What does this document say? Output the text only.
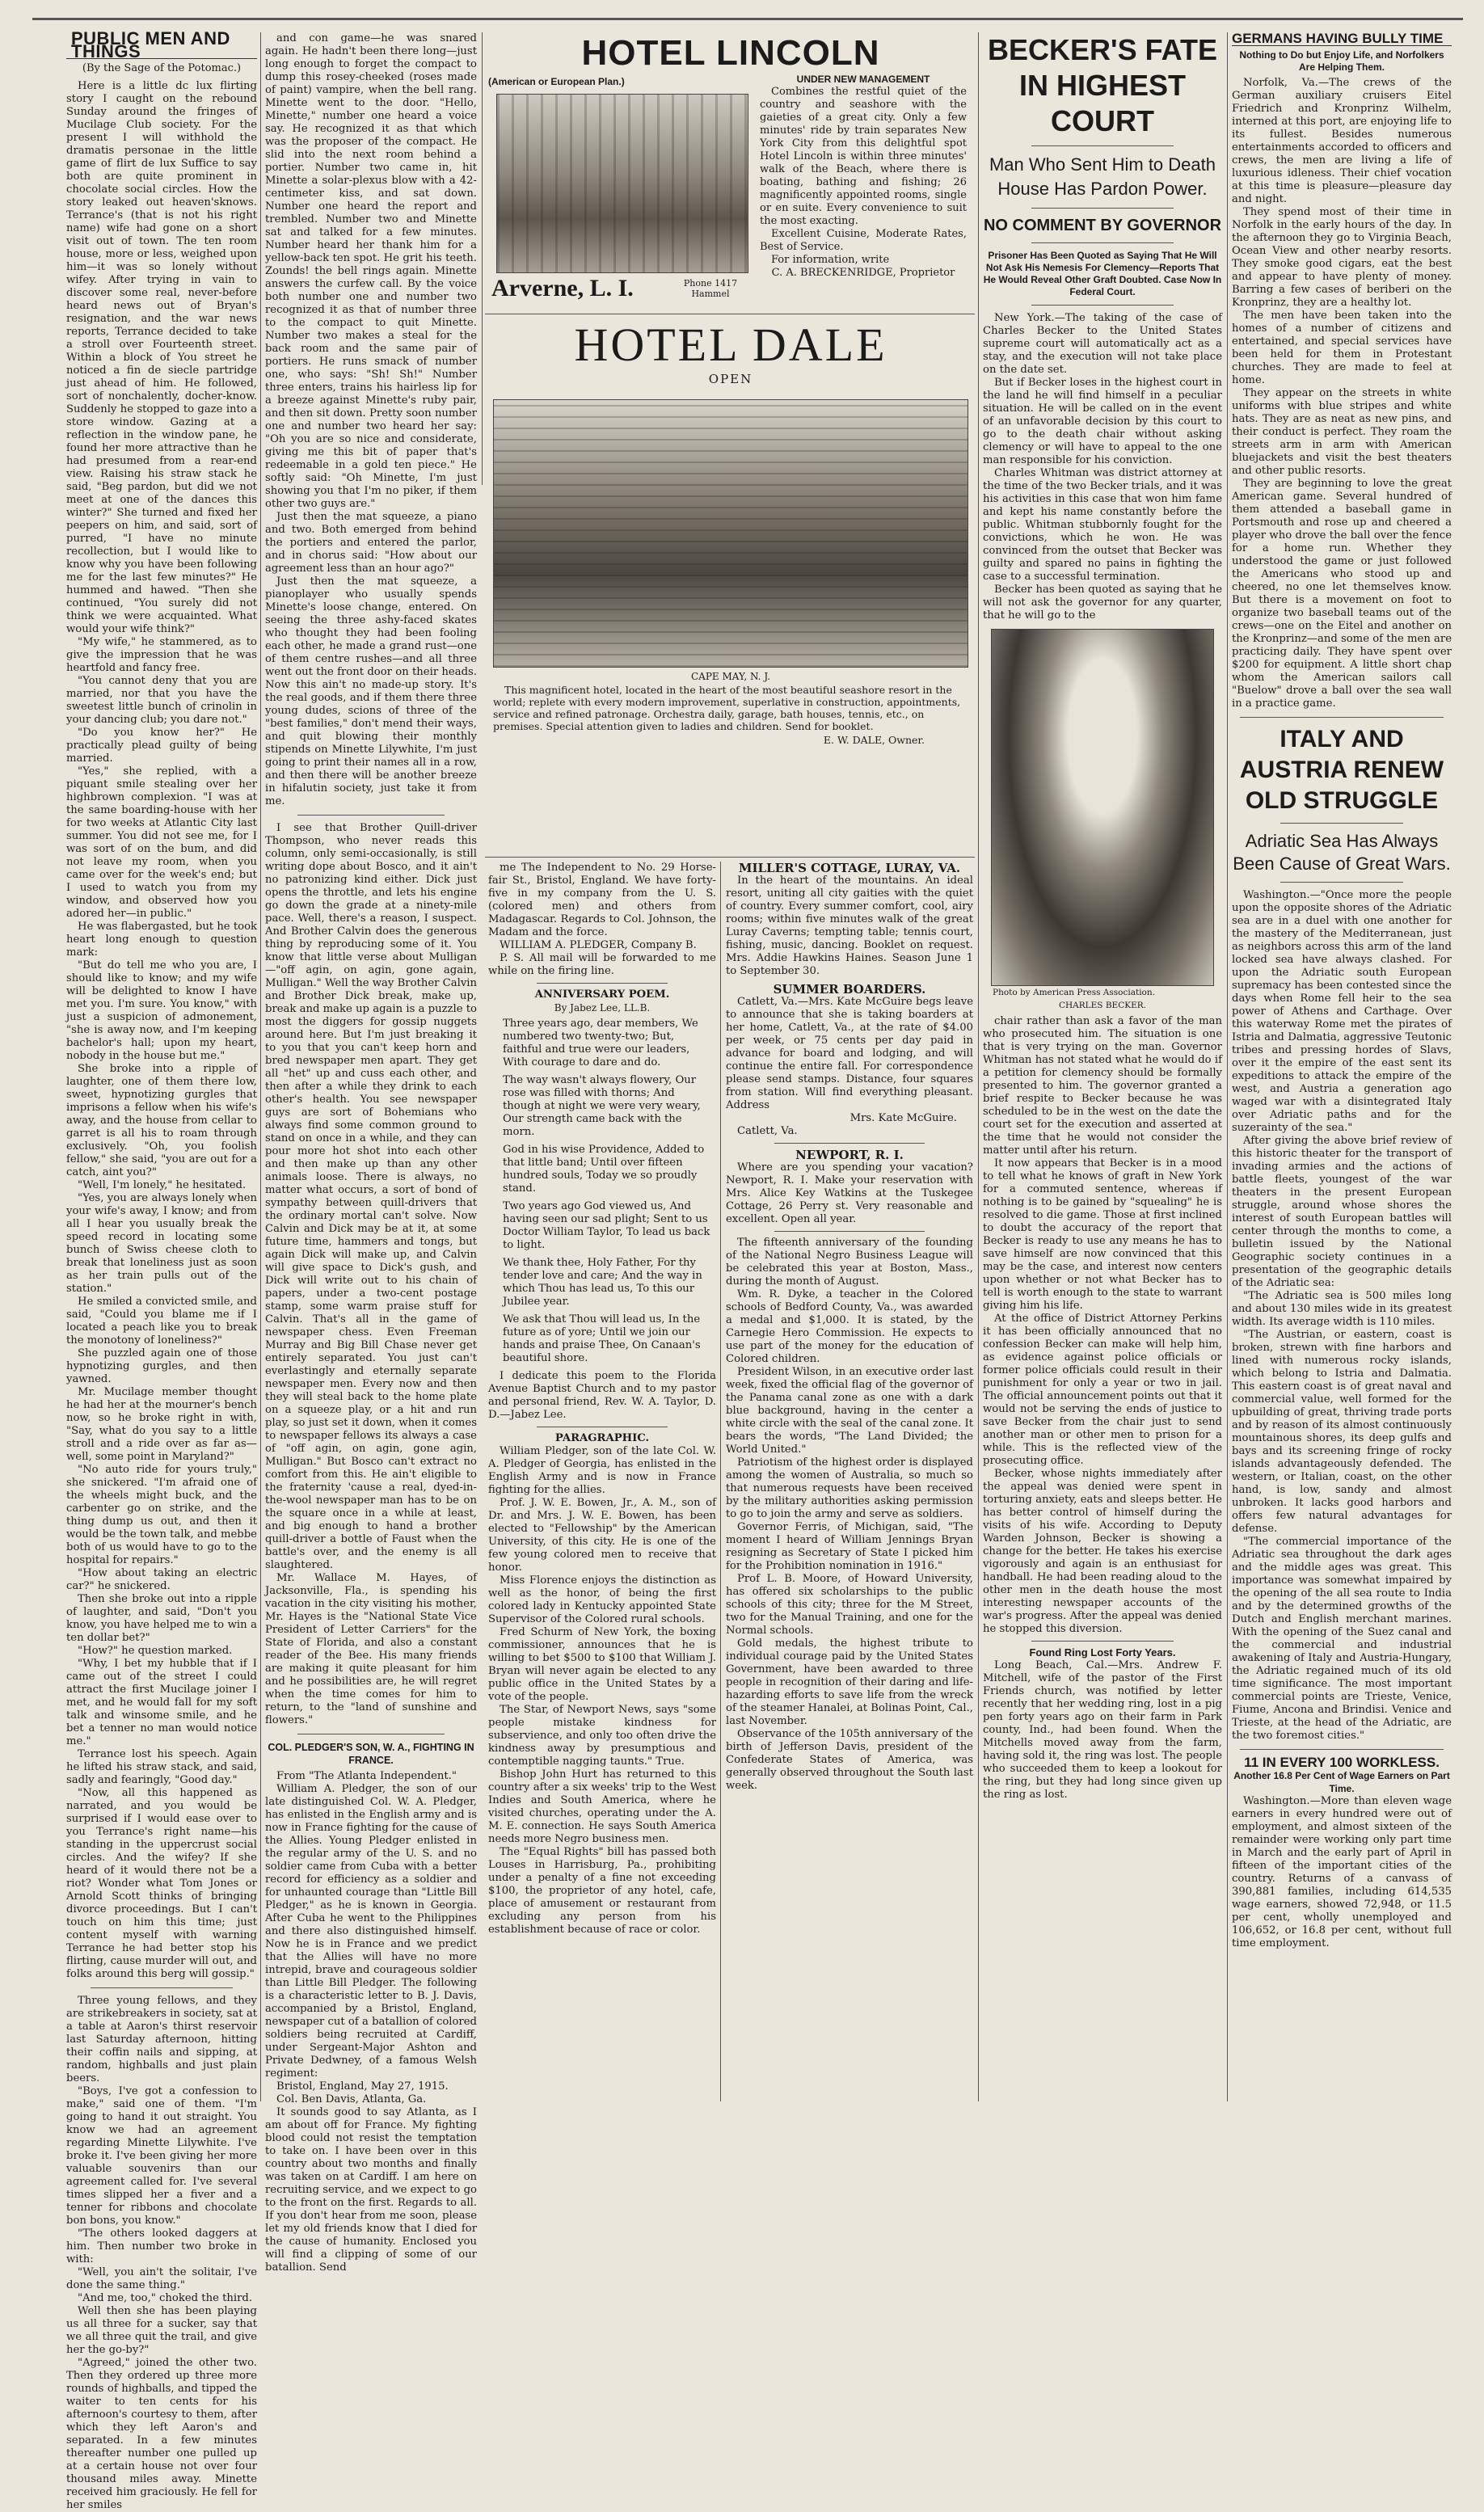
PUBLIC MEN AND THINGS
(By the Sage of the Potomac.)

Here is a little dc lux flirting story I caught on the rebound Sunday around the fringes of Mucilage Club society. For the present I will withhold the dramatis personae in the little game of flirt de lux Suffice to say both are quite prominent in chocolate social circles. How the story leaked out heaven'sknows. Terrance's (that is not his right name) wife had gone on a short visit out of town. The ten room house, more or less, weighed upon him—it was so lonely without wifey. After trying in vain to discover some real, never-before heard news out of Bryan's resignation, and the war news reports, Terrance decided to take a stroll over Fourteenth street. Within a block of You street he noticed a fin de siecle partridge just ahead of him. He followed, sort of nonchalently, docher-know. Suddenly he stopped to gaze into a store window. Gazing at a reflection in the window pane, he found her more attractive than he had presumed from a rear-end view. Raising his straw stack he said, "Beg pardon, but did we not meet at one of the dances this winter?" She turned and fixed her peepers on him, and said, sort of purred, "I have no minute recollection, but I would like to know why you have been following me for the last few minutes?" He hummed and hawed. "Then she continued, "You surely did not think we were acquainted. What would your wife think?"

"My wife," he stammered, as to give the impression that he was heartfold and fancy free.

"You cannot deny that you are married, nor that you have the sweetest little bunch of crinolin in your dancing club; you dare not."

"Do you know her?" He practically plead guilty of being married.

"Yes," she replied, with a piquant smile stealing over her highbrown complexion. "I was at the same boarding-house with her for two weeks at Atlantic City last summer. You did not see me, for I was sort of on the bum, and did not leave my room, when you came over for the week's end; but I used to watch you from my window, and observed how you adored her—in public."

He was flabergasted, but he took heart long enough to question mark:

"But do tell me who you are, I should like to know; and my wife will be delighted to know I have met you. I'm sure. You know," with just a suspicion of admonement, "she is away now, and I'm keeping bachelor's hall; upon my heart, nobody in the house but me."

She broke into a ripple of laughter, one of them there low, sweet, hypnotizing gurgles that imprisons a fellow when his wife's away, and the house from cellar to garret is all his to roam through exclusively. "Oh, you foolish fellow," she said, "you are out for a catch, aint you?"

"Well, I'm lonely," he hesitated.

"Yes, you are always lonely when your wife's away, I know; and from all I hear you usually break the speed record in locating some bunch of Swiss cheese cloth to break that loneliness just as soon as her train pulls out of the station."

He smiled a convicted smile, and said, "Could you blame me if I located a peach like you to break the monotony of loneliness?"

She puzzled again one of those hypnotizing gurgles, and then yawned.

Mr. Mucilage member thought he had her at the mourner's bench now, so he broke right in with, "Say, what do you say to a little stroll and a ride over as far as—well, some point in Maryland?"

"No auto ride for yours truly," she snickered. "I'm afraid one of the wheels might buck, and the carbenter go on strike, and the thing dump us out, and then it would be the town talk, and mebbe both of us would have to go to the hospital for repairs."

"How about taking an electric car?" he snickered.

Then she broke out into a ripple of laughter, and said, "Don't you know, you have helped me to win a ten dollar bet?"

"How?" he question marked.

"Why, I bet my hubble that if I came out of the street I could attract the first Mucilage joiner I met, and he would fall for my soft talk and winsome smile, and he bet a tenner no man would notice me."

Terrance lost his speech. Again he lifted his straw stack, and said, sadly and fearingly, "Good day."

"Now, all this happened as narrated, and you would be surprised if I would ease over to you Terrance's right name—his standing in the uppercrust social circles. And the wifey? If she heard of it would there not be a riot? Wonder what Tom Jones or Arnold Scott thinks of bringing divorce proceedings. But I can't touch on him this time; just content myself with warning Terrance he had better stop his flirting, cause murder will out, and folks around this berg will gossip."

Three young fellows, and they are strikebreakers in society, sat at a table at Aaron's thirst reservoir last Saturday afternoon, hitting their coffin nails and sipping, at random, highballs and just plain beers.

"Boys, I've got a confession to make," said one of them. "I'm going to hand it out straight. You know we had an agreement regarding Minette Lilywhite. I've broke it. I've been giving her more valuable souvenirs than our agreement called for. I've several times slipped her a fiver and a tenner for ribbons and chocolate bon bons, you know."

"The others looked daggers at him. Then number two broke in with:

"Well, you ain't the solitair, I've done the same thing."

"And me, too," choked the third.

Well then she has been playing us all three for a sucker, say that we all three quit the trail, and give her the go-by?"

"Agreed," joined the other two. Then they ordered up three more rounds of highballs, and tipped the waiter to ten cents for his afternoon's courtesy to them, after which they left Aaron's and separated. In a few minutes thereafter number one pulled up at a certain house not over four thousand miles away. Minette received him graciously. He fell for her smiles

and con game—he was snared again. He hadn't been there long—just long enough to forget the compact to dump this rosey-cheeked (roses made of paint) vampire, when the bell rang. Minette went to the door. "Hello, Minette," number one heard a voice say. He recognized it as that which was the proposer of the compact. He slid into the next room behind a portier. Number two came in, hit Minette a solar-plexus blow with a 42-centimeter kiss, and sat down. Number one heard the report and trembled. Number two and Minette sat and talked for a few minutes. Number heard her thank him for a yellow-back ten spot. He grit his teeth. Zounds! the bell rings again. Minette answers the curfew call. By the voice both number one and number two recognized it as that of number three to the compact to quit Minette. Number two makes a steal for the back room and the same pair of portiers. He runs smack of number one, who says: "Sh! Sh!" Number three enters, trains his hairless lip for a breeze against Minette's ruby pair, and then sit down. Pretty soon number one and number two heard her say: "Oh you are so nice and considerate, giving me this bit of paper that's redeemable in a gold ten piece." He softly said: "Oh Minette, I'm just showing you that I'm no piker, if them other two guys are."

Just then the mat squeeze, a piano and two. Both emerged from behind the portiers and entered the parlor, and in chorus said: "How about our agreement less than an hour ago?"

Just then the mat squeeze, a pianoplayer who usually spends Minette's loose change, entered. On seeing the three ashy-faced skates who thought they had been fooling each other, he made a grand rust—one of them centre rushes—and all three went out the front door on their heads. Now this ain't no made-up story. It's the real goods, and if them there three young dudes, scions of three of the "best families," don't mend their ways, and quit blowing their monthly stipends on Minette Lilywhite, I'm just going to print their names all in a row, and then there will be another breeze in hifalutin society, just take it from me.

I see that Brother Quill-driver Thompson, who never reads this column, only semi-occasionally, is still writing dope about Bosco, and it ain't no patronizing kind either. Dick just opens the throttle, and lets his engine go down the grade at a ninety-mile pace. Well, there's a reason, I suspect. And Brother Calvin does the generous thing by reproducing some of it. You know that little verse about Mulligan—"off agin, on agin, gone again, Mulligan." Well the way Brother Calvin and Brother Dick break, make up, break and make up again is a puzzle to most the diggers for gossip nuggets around here. But I'm just breaking it to you that you can't keep horn and bred newspaper men apart. They get all "het" up and cuss each other, and then after a while they drink to each other's health. You see newspaper guys are sort of Bohemians who always find some common ground to stand on once in a while, and they can pour more hot shot into each other and then make up than any other animals loose. There is always, no matter what occurs, a sort of bond of sympathy between quill-drivers that the ordinary mortal can't solve. Now Calvin and Dick may be at it, at some future time, hammers and tongs, but again Dick will make up, and Calvin will give space to Dick's gush, and Dick will write out to his chain of papers, under a two-cent postage stamp, some warm praise stuff for Calvin. That's all in the game of newspaper chess. Even Freeman Murray and Big Bill Chase never get entirely separated. You just can't everlastingly and eternally separate newspaper men. Every now and then they will steal back to the home plate on a squeeze play, or a hit and run play, so just set it down, when it comes to newspaper fellows its always a case of "off agin, on agin, gone agin, Mulligan." But Bosco can't extract no comfort from this. He ain't eligible to the fraternity 'cause a real, dyed-in-the-wool newspaper man has to be on the square once in a while at least, and big enough to hand a brother quill-driver a bottle of Faust when the battle's over, and the enemy is all slaughtered.

Mr. Wallace M. Hayes, of Jacksonville, Fla., is spending his vacation in the city visiting his mother, Mr. Hayes is the "National State Vice President of Letter Carriers" for the State of Florida, and also a constant reader of the Bee. His many friends are making it quite pleasant for him and he possibilities are, he will regret when the time comes for him to return, to the "land of sunshine and flowers."

COL. PLEDGER'S SON, W. A., FIGHTING IN FRANCE.

From "The Atlanta Independent."

William A. Pledger, the son of our late distinguished Col. W. A. Pledger, has enlisted in the English army and is now in France fighting for the cause of the Allies. Young Pledger enlisted in the regular army of the U. S. and no soldier came from Cuba with a better record for efficiency as a soldier and for unhaunted courage than "Little Bill Pledger," as he is known in Georgia. After Cuba he went to the Philippines and there also distinguished himself. Now he is in France and we predict that the Allies will have no more intrepid, brave and courageous soldier than Little Bill Pledger. The following is a characteristic letter to B. J. Davis, accompanied by a Bristol, England, newspaper cut of a batallion of colored soldiers being recruited at Cardiff, under Sergeant-Major Ashton and Private Dedwney, of a famous Welsh regiment:

Bristol, England, May 27, 1915.

Col. Ben Davis, Atlanta, Ga.

It sounds good to say Atlanta, as I am about off for France. My fighting blood could not resist the temptation to take on. I have been over in this country about two months and finally was taken on at Cardiff. I am here on recruiting service, and we expect to go to the front on the first. Regards to all. If you don't hear from me soon, please let my old friends know that I died for the cause of humanity. Enclosed you will find a clipping of some of our batallion. Send

HOTEL LINCOLN
(American or European Plan.)	UNDER NEW MANAGEMENT

Combines the restful quiet of the country and seashore with the gaieties of a great city. Only a few minutes' ride by train separates New York City from this delightful spot Hotel Lincoln is within three minutes' walk of the Beach, where there is boating, bathing and fishing; 26 magnificently appointed rooms, single or en suite. Every convenience to suit the most exacting.

Excellent Cuisine, Moderate Rates, Best of Service.

For information, write

C. A. BRECKENRIDGE, Proprietor

Arverne, L. I.	Phone 1417 Hammel
HOTEL DALE
OPEN
CAPE MAY, N. J.

This magnificent hotel, located in the heart of the most beautiful seashore resort in the world; replete with every modern improvement, superlative in construction, appointments, service and refined patronage. Orchestra daily, garage, bath houses, tennis, etc., on premises. Special attention given to ladies and children. Send for booklet.

E. W. DALE, Owner.

me The Independent to No. 29 Horse-fair St., Bristol, England. We have forty-five in my company from the U. S. (colored men) and others from Madagascar. Regards to Col. Johnson, the Madam and the force.

WILLIAM A. PLEDGER, Company B.

P. S. All mail will be forwarded to me while on the firing line.

ANNIVERSARY POEM.
By Jabez Lee, LL.B.

Three years ago, dear members, We numbered two twenty-two; But, faithful and true were our leaders, With courage to dare and do.

The way wasn't always flowery, Our rose was filled with thorns; And though at night we were very weary, Our strength came back with the morn.

God in his wise Providence, Added to that little band; Until over fifteen hundred souls, Today we so proudly stand.

Two years ago God viewed us, And having seen our sad plight; Sent to us Doctor William Taylor, To lead us back to light.

We thank thee, Holy Father, For thy tender love and care; And the way in which Thou has lead us, To this our Jubilee year.

We ask that Thou will lead us, In the future as of yore; Until we join our hands and praise Thee, On Canaan's beautiful shore.

I dedicate this poem to the Florida Avenue Baptist Church and to my pastor and personal friend, Rev. W. A. Taylor, D. D.—Jabez Lee.

PARAGRAPHIC.

William Pledger, son of the late Col. W. A. Pledger of Georgia, has enlisted in the English Army and is now in France fighting for the allies.

Prof. J. W. E. Bowen, Jr., A. M., son of Dr. and Mrs. J. W. E. Bowen, has been elected to "Fellowship" by the American University, of this city. He is one of the few young colored men to receive that honor.

Miss Florence enjoys the distinction as well as the honor, of being the first colored lady in Kentucky appointed State Supervisor of the Colored rural schools.

Fred Schurm of New York, the boxing commissioner, announces that he is willing to bet $500 to $100 that William J. Bryan will never again be elected to any public office in the United States by a vote of the people.

The Star, of Newport News, says "some people mistake kindness for subservience, and only too often drive the kindness away by presumptious and contemptible nagging taunts." True.

Bishop John Hurt has returned to this country after a six weeks' trip to the West Indies and South America, where he visited churches, operating under the A. M. E. connection. He says South America needs more Negro business men.

The "Equal Rights" bill has passed both Louses in Harrisburg, Pa., prohibiting under a penalty of a fine not exceeding $100, the proprietor of any hotel, cafe, place of amusement or restaurant from excluding any person from his establishment because of race or color.

MILLER'S COTTAGE, LURAY, VA.

In the heart of the mountains. An ideal resort, uniting all city gaities with the quiet of country. Every summer comfort, cool, airy rooms; within five minutes walk of the great Luray Caverns; tempting table; tennis court, fishing, music, dancing. Booklet on request. Mrs. Addie Hawkins Haines. Season June 1 to September 30.

SUMMER BOARDERS.

Catlett, Va.—Mrs. Kate McGuire begs leave to announce that she is taking boarders at her home, Catlett, Va., at the rate of $4.00 per week, or 75 cents per day paid in advance for board and lodging, and will continue the entire fall. For correspondence please send stamps. Distance, four squares from station. Will find everything pleasant. Address

Mrs. Kate McGuire.
Catlett, Va.
NEWPORT, R. I.

Where are you spending your vacation? Newport, R. I. Make your reservation with Mrs. Alice Key Watkins at the Tuskegee Cottage, 26 Perry st. Very reasonable and excellent. Open all year.

The fifteenth anniversary of the founding of the National Negro Business League will be celebrated this year at Boston, Mass., during the month of August.

Wm. R. Dyke, a teacher in the Colored schools of Bedford County, Va., was awarded a medal and $1,000. It is stated, by the Carnegie Hero Commission. He expects to use part of the money for the education of Colored children.

President Wilson, in an executive order last week, fixed the official flag of the governor of the Panama canal zone as one with a dark blue background, having in the center a white circle with the seal of the canal zone. It bears the words, "The Land Divided; the World United."

Patriotism of the highest order is displayed among the women of Australia, so much so that numerous requests have been received by the military authorities asking permission to go to join the army and serve as soldiers.

Governor Ferris, of Michigan, said, "The moment I heard of William Jennings Bryan resigning as Secretary of State I picked him for the Prohibition nomination in 1916."

Prof L. B. Moore, of Howard University, has offered six scholarships to the public schools of this city; three for the M Street, two for the Manual Training, and one for the Normal schools.

Gold medals, the highest tribute to individual courage paid by the United States Government, have been awarded to three people in recognition of their daring and life-hazarding efforts to save life from the wreck of the steamer Hanalei, at Bolinas Point, Cal., last November.

Observance of the 105th anniversary of the birth of Jefferson Davis, president of the Confederate States of America, was generally observed throughout the South last week.

BECKER'S FATE IN HIGHEST COURT
Man Who Sent Him to Death House Has Pardon Power.
NO COMMENT BY GOVERNOR
Prisoner Has Been Quoted as Saying That He Will Not Ask His Nemesis For Clemency—Reports That He Would Reveal Other Graft Doubted. Case Now In Federal Court.

New York.—The taking of the case of Charles Becker to the United States supreme court will automatically act as a stay, and the execution will not take place on the date set.

But if Becker loses in the highest court in the land he will find himself in a peculiar situation. He will be called on in the event of an unfavorable decision by this court to go to the death chair without asking clemency or will have to appeal to the one man responsible for his conviction.

Charles Whitman was district attorney at the time of the two Becker trials, and it was his activities in this case that won him fame and kept his name constantly before the public. Whitman stubbornly fought for the convictions, which he won. He was convinced from the outset that Becker was guilty and spared no pains in fighting the case to a successful termination.

Becker has been quoted as saying that he will not ask the governor for any quarter, that he will go to the

Photo by American Press Association.
CHARLES BECKER.

chair rather than ask a favor of the man who prosecuted him. The situation is one that is very trying on the man. Governor Whitman has not stated what he would do if a petition for clemency should be formally presented to him. The governor granted a brief respite to Becker because he was scheduled to be in the west on the date the court set for the execution and asserted at the time that he would not consider the matter until after his return.

It now appears that Becker is in a mood to tell what he knows of graft in New York for a commuted sentence, whereas if nothing is to be gained by "squealing" he is resolved to die game. Those at first inclined to doubt the accuracy of the report that Becker is ready to use any means he has to save himself are now convinced that this may be the case, and interest now centers upon whether or not what Becker has to tell is worth enough to the state to warrant giving him his life.

At the office of District Attorney Perkins it has been officially announced that no confession Becker can make will help him, as evidence against police officials or former police officials could result in their punishment for only a year or two in jail. The official announcement points out that it would not be serving the ends of justice to save Becker from the chair just to send another man or other men to prison for a while. This is the reflected view of the prosecuting office.

Becker, whose nights immediately after the appeal was denied were spent in torturing anxiety, eats and sleeps better. He has better control of himself during the visits of his wife. According to Deputy Warden Johnson, Becker is showing a change for the better. He takes his exercise vigorously and again is an enthusiast for handball. He had been reading aloud to the other men in the death house the most interesting newspaper accounts of the war's progress. After the appeal was denied he stopped this diversion.

Found Ring Lost Forty Years.

Long Beach, Cal.—Mrs. Andrew F. Mitchell, wife of the pastor of the First Friends church, was notified by letter recently that her wedding ring, lost in a pig pen forty years ago on their farm in Park county, Ind., had been found. When the Mitchells moved away from the farm, having sold it, the ring was lost. The people who succeeded them to keep a lookout for the ring, but they had long since given up the ring as lost.

GERMANS HAVING BULLY TIME
Nothing to Do but Enjoy Life, and Norfolkers Are Helping Them.

Norfolk, Va.—The crews of the German auxiliary cruisers Eitel Friedrich and Kronprinz Wilhelm, interned at this port, are enjoying life to its fullest. Besides numerous entertainments accorded to officers and crews, the men are living a life of luxurious idleness. Their chief vocation at this time is pleasure—pleasure day and night.

They spend most of their time in Norfolk in the early hours of the day. In the afternoon they go to Virginia Beach, Ocean View and other nearby resorts. They smoke good cigars, eat the best and appear to have plenty of money. Barring a few cases of beriberi on the Kronprinz, they are a healthy lot.

The men have been taken into the homes of a number of citizens and entertained, and special services have been held for them in Protestant churches. They are made to feel at home.

They appear on the streets in white uniforms with blue stripes and white hats. They are as neat as new pins, and their conduct is perfect. They roam the streets arm in arm with American bluejackets and visit the best theaters and other public resorts.

They are beginning to love the great American game. Several hundred of them attended a baseball game in Portsmouth and rose up and cheered a player who drove the ball over the fence for a home run. Whether they understood the game or just followed the Americans who stood up and cheered, no one let themselves know. But there is a movement on foot to organize two baseball teams out of the crews—one on the Eitel and another on the Kronprinz—and some of the men are practicing daily. They have spent over $200 for equipment. A little short chap whom the American sailors call "Buelow" drove a ball over the sea wall in a practice game.

ITALY AND AUSTRIA RENEW OLD STRUGGLE
Adriatic Sea Has Always Been Cause of Great Wars.

Washington.—"Once more the people upon the opposite shores of the Adriatic sea are in a duel with one another for the mastery of the Mediterranean, just as neighbors across this arm of the land locked sea have always clashed. For upon the Adriatic south European supremacy has been contested since the days when Rome fell heir to the sea power of Athens and Carthage. Over this waterway Rome met the pirates of Istria and Dalmatia, aggressive Teutonic tribes and pressing hordes of Slavs, over it the empire of the east sent its expeditions to attack the empire of the west, and Austria a generation ago waged war with a disintegrated Italy over Adriatic paths and for the suzerainty of the sea."

After giving the above brief review of this historic theater for the transport of invading armies and the actions of battle fleets, youngest of the war theaters in the present European struggle, around whose shores the interest of south European battles will center through the months to come, a bulletin issued by the National Geographic society continues in a presentation of the geographic details of the Adriatic sea:

"The Adriatic sea is 500 miles long and about 130 miles wide in its greatest width. Its average width is 110 miles.

"The Austrian, or eastern, coast is broken, strewn with fine harbors and lined with numerous rocky islands, which belong to Istria and Dalmatia. This eastern coast is of great naval and commercial value, well formed for the upbuilding of great, thriving trade ports and by reason of its almost continuously mountainous shores, its deep gulfs and bays and its screening fringe of rocky islands advantageously defended. The western, or Italian, coast, on the other hand, is low, sandy and almost unbroken. It lacks good harbors and offers few natural advantages for defense.

"The commercial importance of the Adriatic sea throughout the dark ages and the middle ages was great. This importance was somewhat impaired by the opening of the all sea route to India and by the determined growths of the Dutch and English merchant marines. With the opening of the Suez canal and the commercial and industrial awakening of Italy and Austria-Hungary, the Adriatic regained much of its old time significance. The most important commercial points are Trieste, Venice, Fiume, Ancona and Brindisi. Venice and Trieste, at the head of the Adriatic, are the two foremost cities."

11 IN EVERY 100 WORKLESS.
Another 16.8 Per Cent of Wage Earners on Part Time.

Washington.—More than eleven wage earners in every hundred were out of employment, and almost sixteen of the remainder were working only part time in March and the early part of April in fifteen of the important cities of the country. Returns of a canvass of 390,881 families, including 614,535 wage earners, showed 72,948, or 11.5 per cent, wholly unemployed and 106,652, or 16.8 per cent, without full time employment.
